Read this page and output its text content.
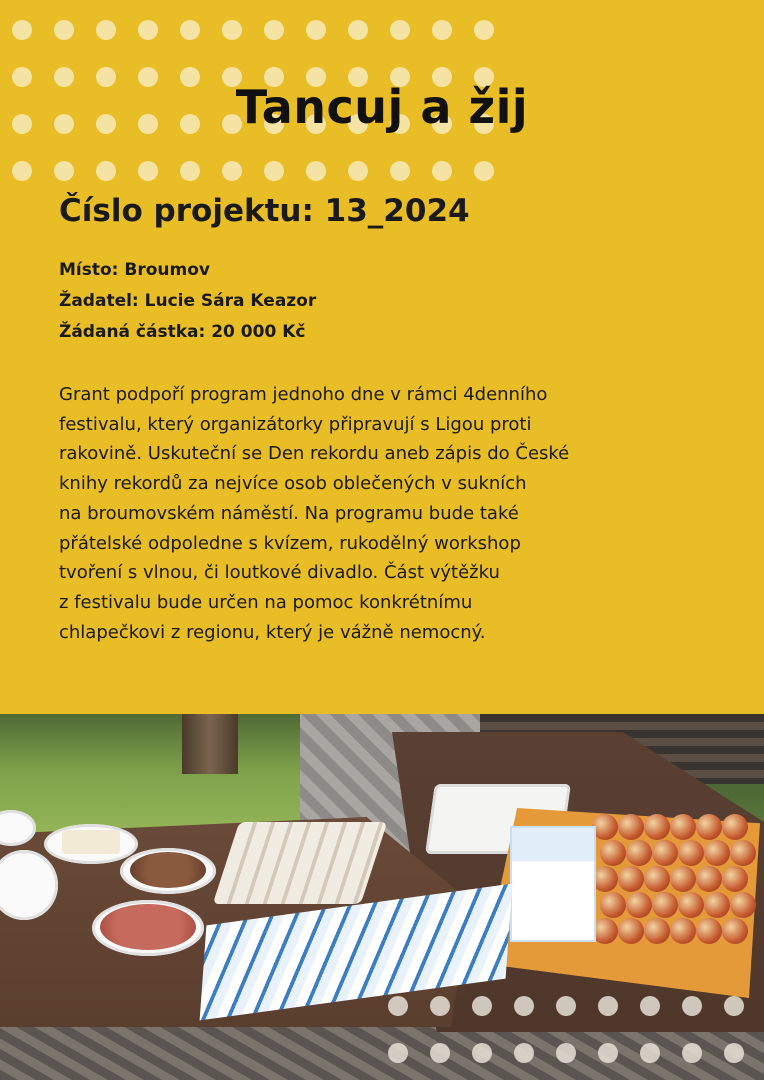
Tancuj a žij
Číslo projektu: 13_2024
Místo: Broumov
Žadatel: Lucie Sára Keazor
Žádaná částka: 20 000 Kč
Grant podpoří program jednoho dne v rámci 4denního
festivalu, který organizátorky připravují s Ligou proti
rakovině. Uskuteční se Den rekordu aneb zápis do České
knihy rekordů za nejvíce osob oblečených v sukních
na broumovském náměstí. Na programu bude také
přátelské odpoledne s kvízem, rukodělný workshop
tvoření s vlnou, či loutkové divadlo. Část výtěžku
z festivalu bude určen na pomoc konkrétnímu
chlapečkovi z regionu, který je vážně nemocný.
